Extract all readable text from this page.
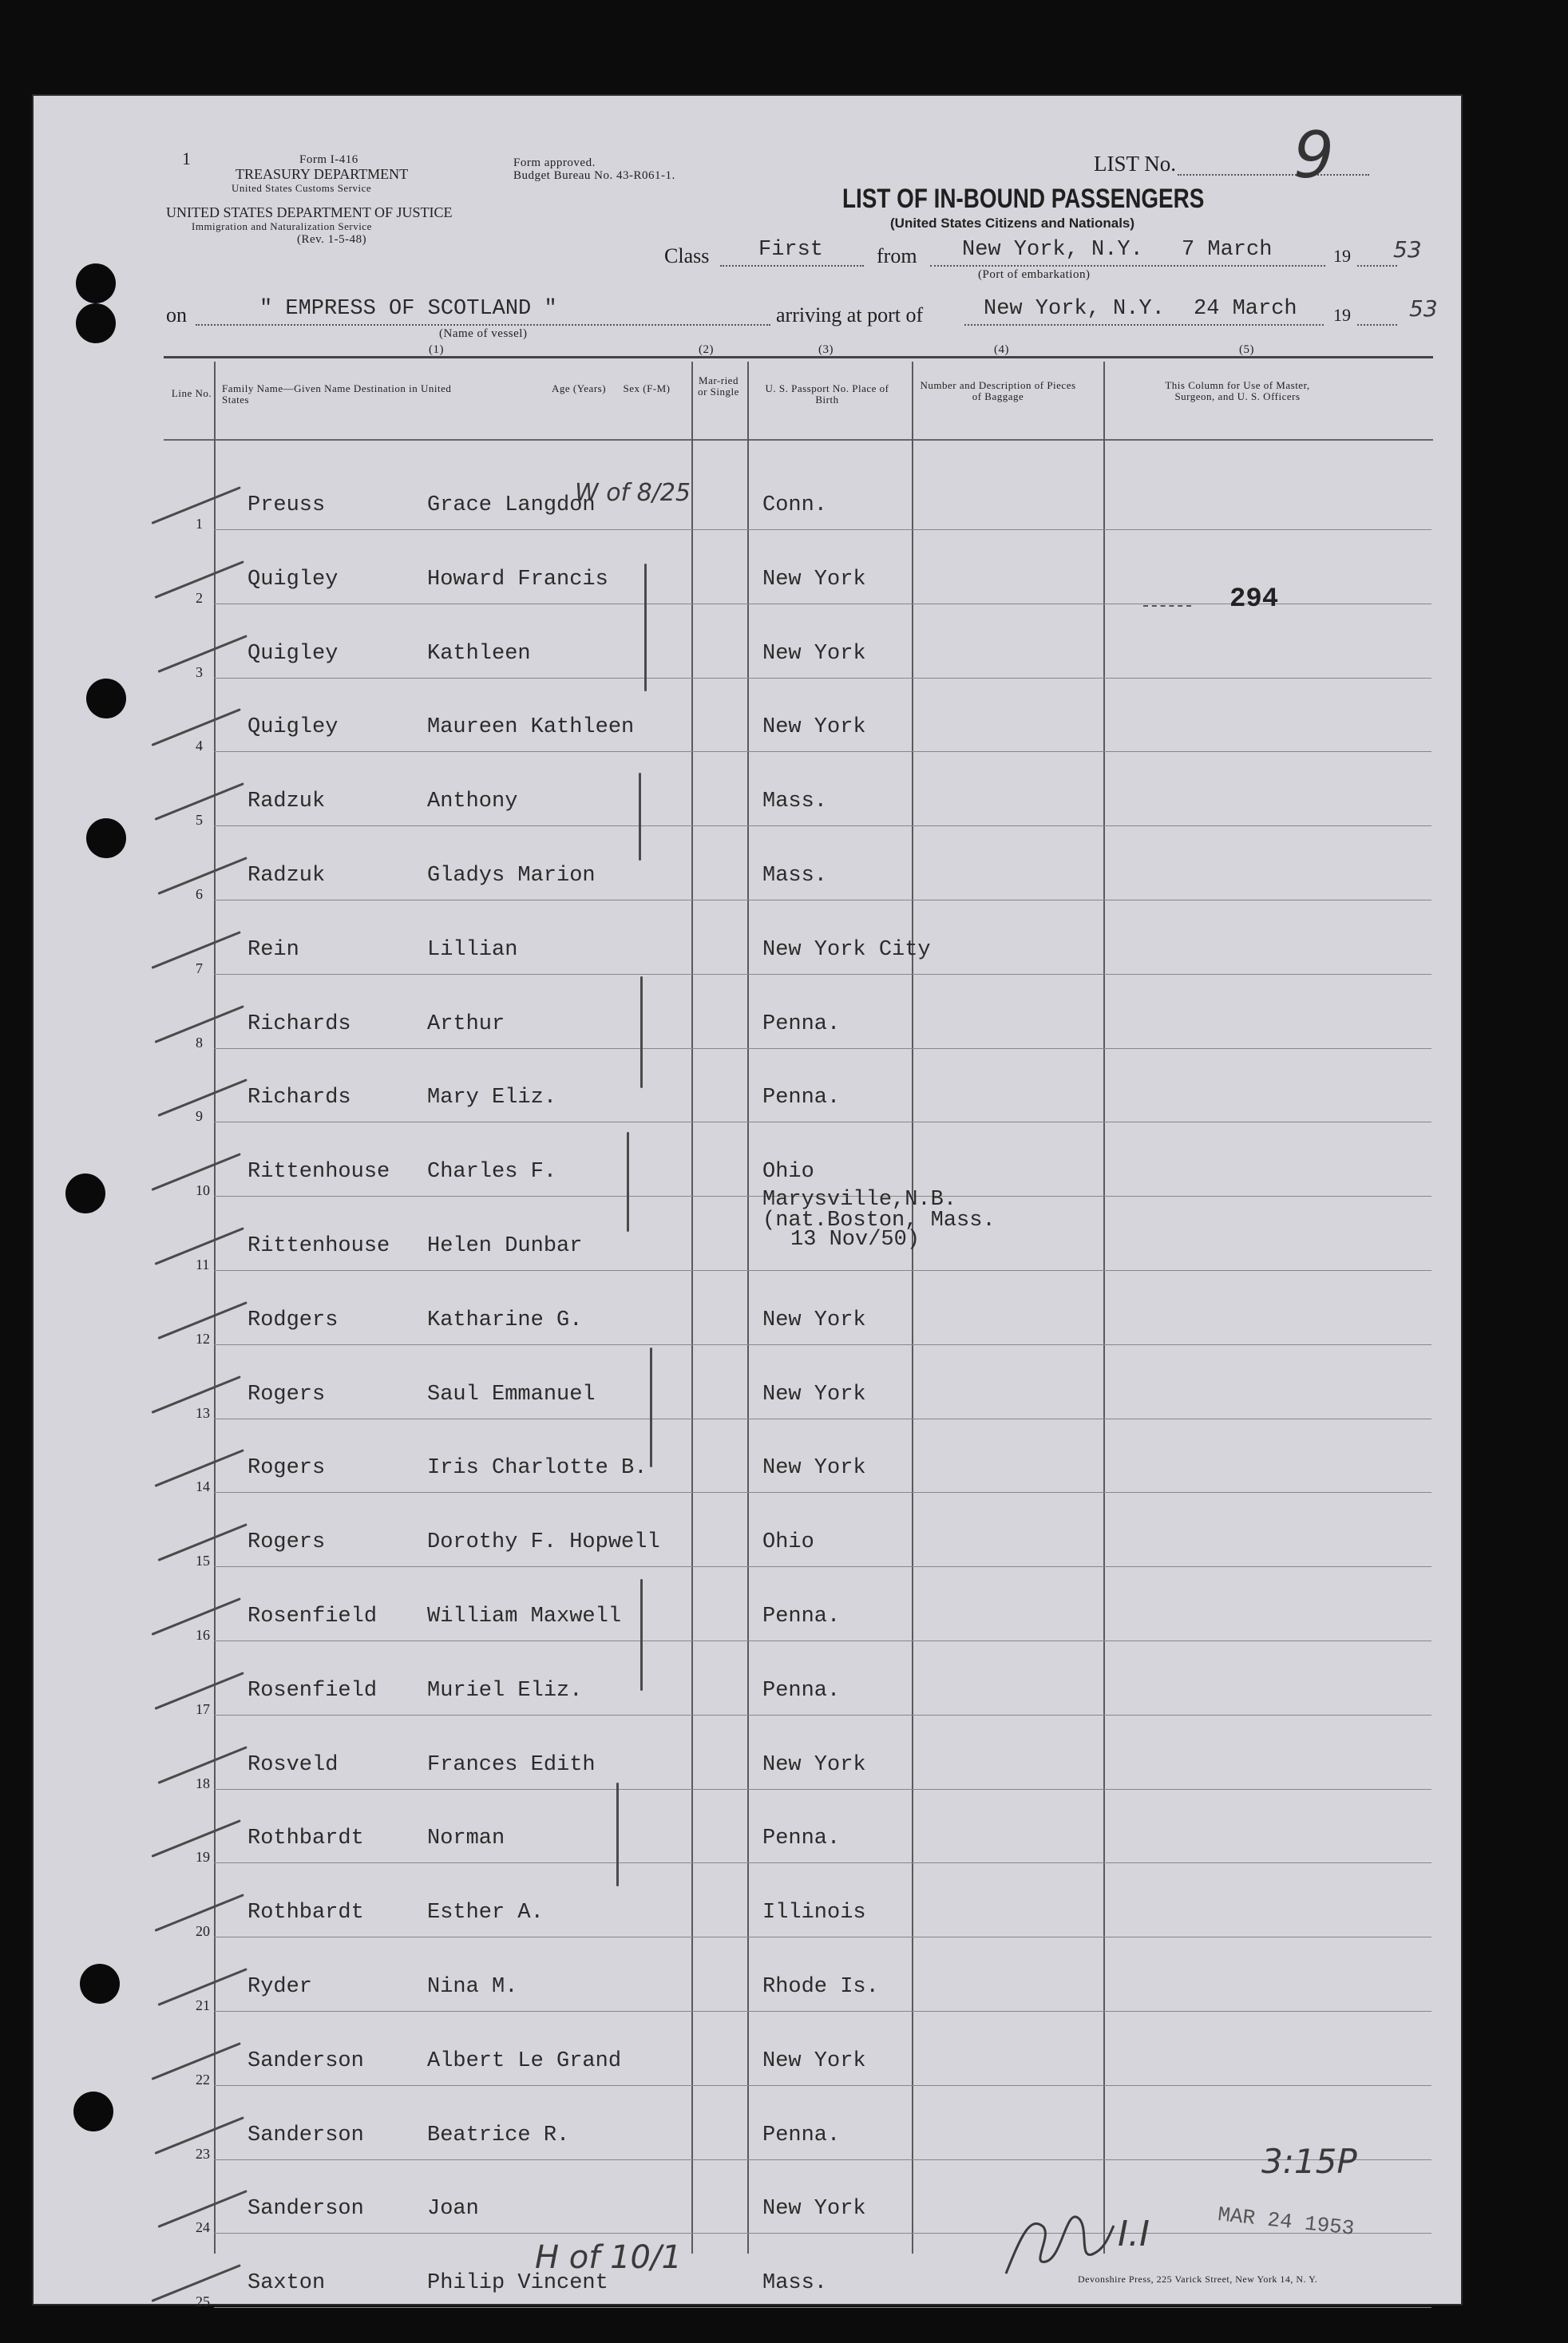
1	Form I-416
TREASURY DEPARTMENT
United States Customs Service
UNITED STATES DEPARTMENT OF JUSTICE
Immigration and Naturalization Service
(Rev. 1-5-48)
Form approved.
Budget Bureau No. 43-R061-1.	LIST No. 9
LIST OF IN-BOUND PASSENGERS
(United States Citizens and Nationals)
Class First	from New York, N.Y. 7 March
(Port of embarkation)
19 53
on	" EMPRESS OF SCOTLAND "
(Name of vessel)
arriving at port of	New York, N.Y. 24 March 19	53
(1)	(2)	(3)	(4)	(5)
Line No. Family Name—Given Name Destination in United States
Age (Years) Sex (F-M)
Mar-ried or Single	U. S. Passport No. Place of Birth
Number and Description of Pieces of Baggage
This Column for Use of Master, Surgeon, and U. S. Officers
1
Preuss	Grace Langdon	Conn.
W of 8/25
2
Quigley	Howard Francis	New York
3
Quigley	Kathleen	New York
4
Quigley	Maureen Kathleen	New York
5
Radzuk	Anthony	Mass.
6
Radzuk	Gladys Marion	Mass.
7
Rein	Lillian	New York City
8
Richards	Arthur	Penna.
9
Richards	Mary Eliz.	Penna.
10
Rittenhouse Charles F.	Ohio
11
Rittenhouse Helen Dunbar
Marysville,N.B.
(nat.Boston, Mass.
13 Nov/50)
12
Rodgers	Katharine G.	New York
13
Rogers	Saul Emmanuel	New York
14
Rogers	Iris Charlotte B.	New York
15
Rogers	Dorothy F. Hopwell	Ohio
16
Rosenfield William Maxwell	Penna.
17
Rosenfield Muriel Eliz.	Penna.
18
Rosveld	Frances Edith	New York
19
Rothbardt	Norman	Penna.
20
Rothbardt	Esther A.	Illinois
21
Ryder	Nina M.	Rhode Is.
22
Sanderson	Albert Le Grand	New York
23
Sanderson	Beatrice R.	Penna.
24
Sanderson	Joan	New York
25
Saxton	Philip Vincent	Mass.
H of 10/1
294
3:15P
MAR 24 1953
I.I
Devonshire Press, 225 Varick Street, New York 14, N. Y.
